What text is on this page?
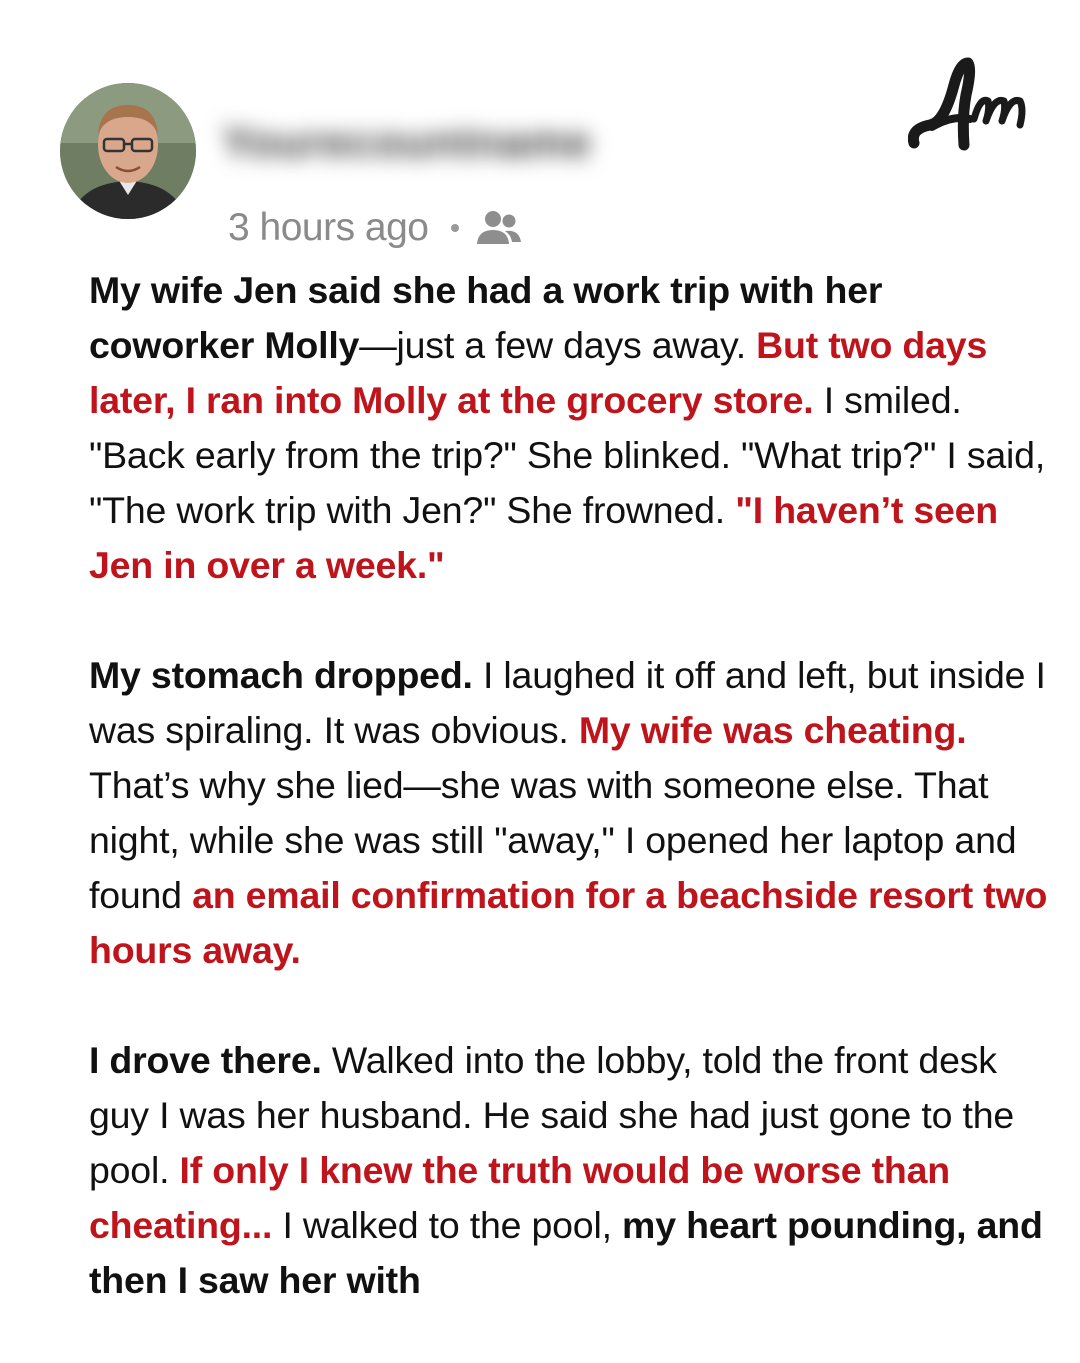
Yourecountname
3 hours ago

My wife Jen said she had a work trip with her coworker Molly—just a few days away. But two days later, I ran into Molly at the grocery store. I smiled. "Back early from the trip?" She blinked. "What trip?" I said, "The work trip with Jen?" She frowned. "I haven’t seen Jen in over a week."

My stomach dropped. I laughed it off and left, but inside I was spiraling. It was obvious. My wife was cheating. That’s why she lied—she was with someone else. That night, while she was still "away," I opened her laptop and found an email confirmation for a beachside resort two hours away.

I drove there. Walked into the lobby, told the front desk guy I was her husband. He said she had just gone to the pool. If only I knew the truth would be worse than cheating... I walked to the pool, my heart pounding, and then I saw her with
